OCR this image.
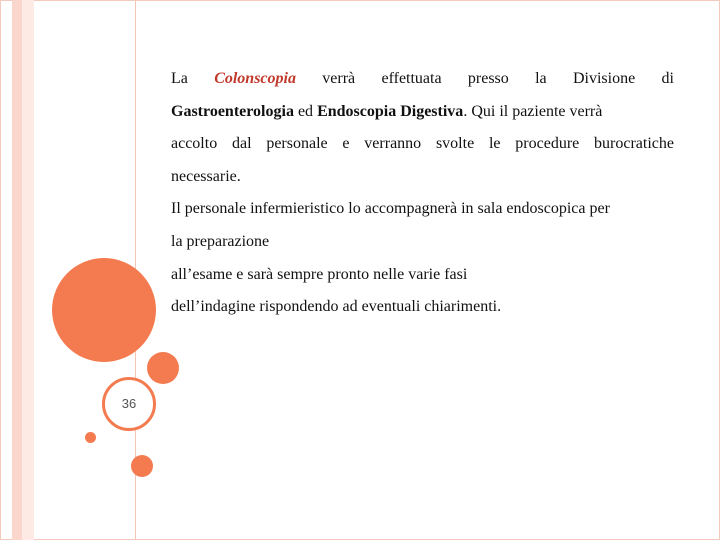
36
La Colonscopia verrà effettuata presso la Divisione di
Gastroenterologia ed Endoscopia Digestiva. Qui il paziente verrà

accolto dal personale e verranno svolte le procedure burocratiche

necessarie.

Il personale infermieristico lo accompagnerà in sala endoscopica per

la preparazione

all’esame e sarà sempre pronto nelle varie fasi

dell’indagine rispondendo ad eventuali chiarimenti.
